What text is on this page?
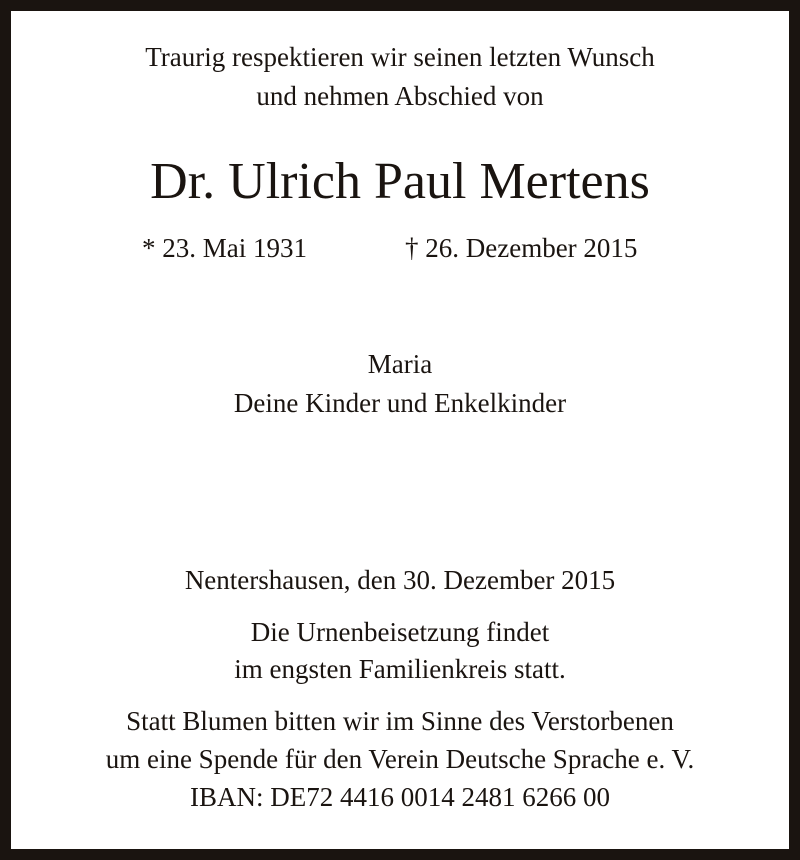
Traurig respektieren wir seinen letzten Wunsch
und nehmen Abschied von
Dr. Ulrich Paul Mertens
* 23. Mai 1931	† 26. Dezember 2015
Maria
Deine Kinder und Enkelkinder
Nentershausen, den 30. Dezember 2015
Die Urnenbeisetzung findet
im engsten Familienkreis statt.
Statt Blumen bitten wir im Sinne des Verstorbenen
um eine Spende für den Verein Deutsche Sprache e. V.
IBAN: DE72 4416 0014 2481 6266 00
